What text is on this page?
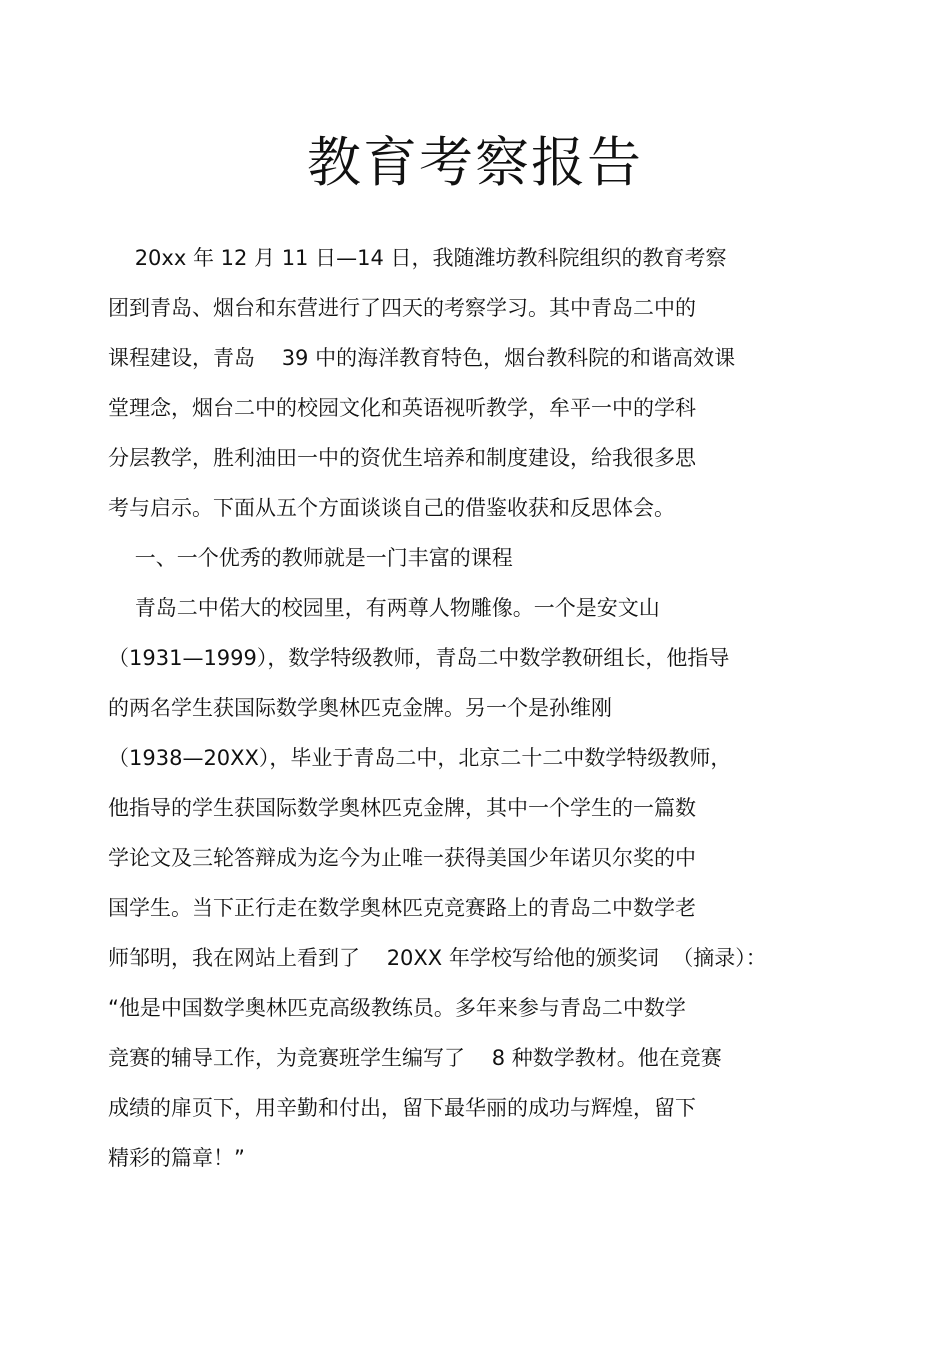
教育考察报告
20xx 年 12 月 11 日—14 日，我随潍坊教科院组织的教育考察
团到青岛、烟台和东营进行了四天的考察学习。其中青岛二中的
课程建设，青岛    39 中的海洋教育特色，烟台教科院的和谐高效课
堂理念，烟台二中的校园文化和英语视听教学，牟平一中的学科
分层教学，胜利油田一中的资优生培养和制度建设，给我很多思
考与启示。下面从五个方面谈谈自己的借鉴收获和反思体会。
一、一个优秀的教师就是一门丰富的课程
青岛二中偌大的校园里，有两尊人物雕像。一个是安文山
（1931—1999），数学特级教师，青岛二中数学教研组长，他指导
的两名学生获国际数学奥林匹克金牌。另一个是孙维刚
（1938—20XX），毕业于青岛二中，北京二十二中数学特级教师，
他指导的学生获国际数学奥林匹克金牌，其中一个学生的一篇数
学论文及三轮答辩成为迄今为止唯一获得美国少年诺贝尔奖的中
国学生。当下正行走在数学奥林匹克竞赛路上的青岛二中数学老
师邹明，我在网站上看到了    20XX 年学校写给他的颁奖词  （摘录）：
“他是中国数学奥林匹克高级教练员。多年来参与青岛二中数学
竞赛的辅导工作，为竞赛班学生编写了    8 种数学教材。他在竞赛
成绩的扉页下，用辛勤和付出，留下最华丽的成功与辉煌，留下
精彩的篇章！”
